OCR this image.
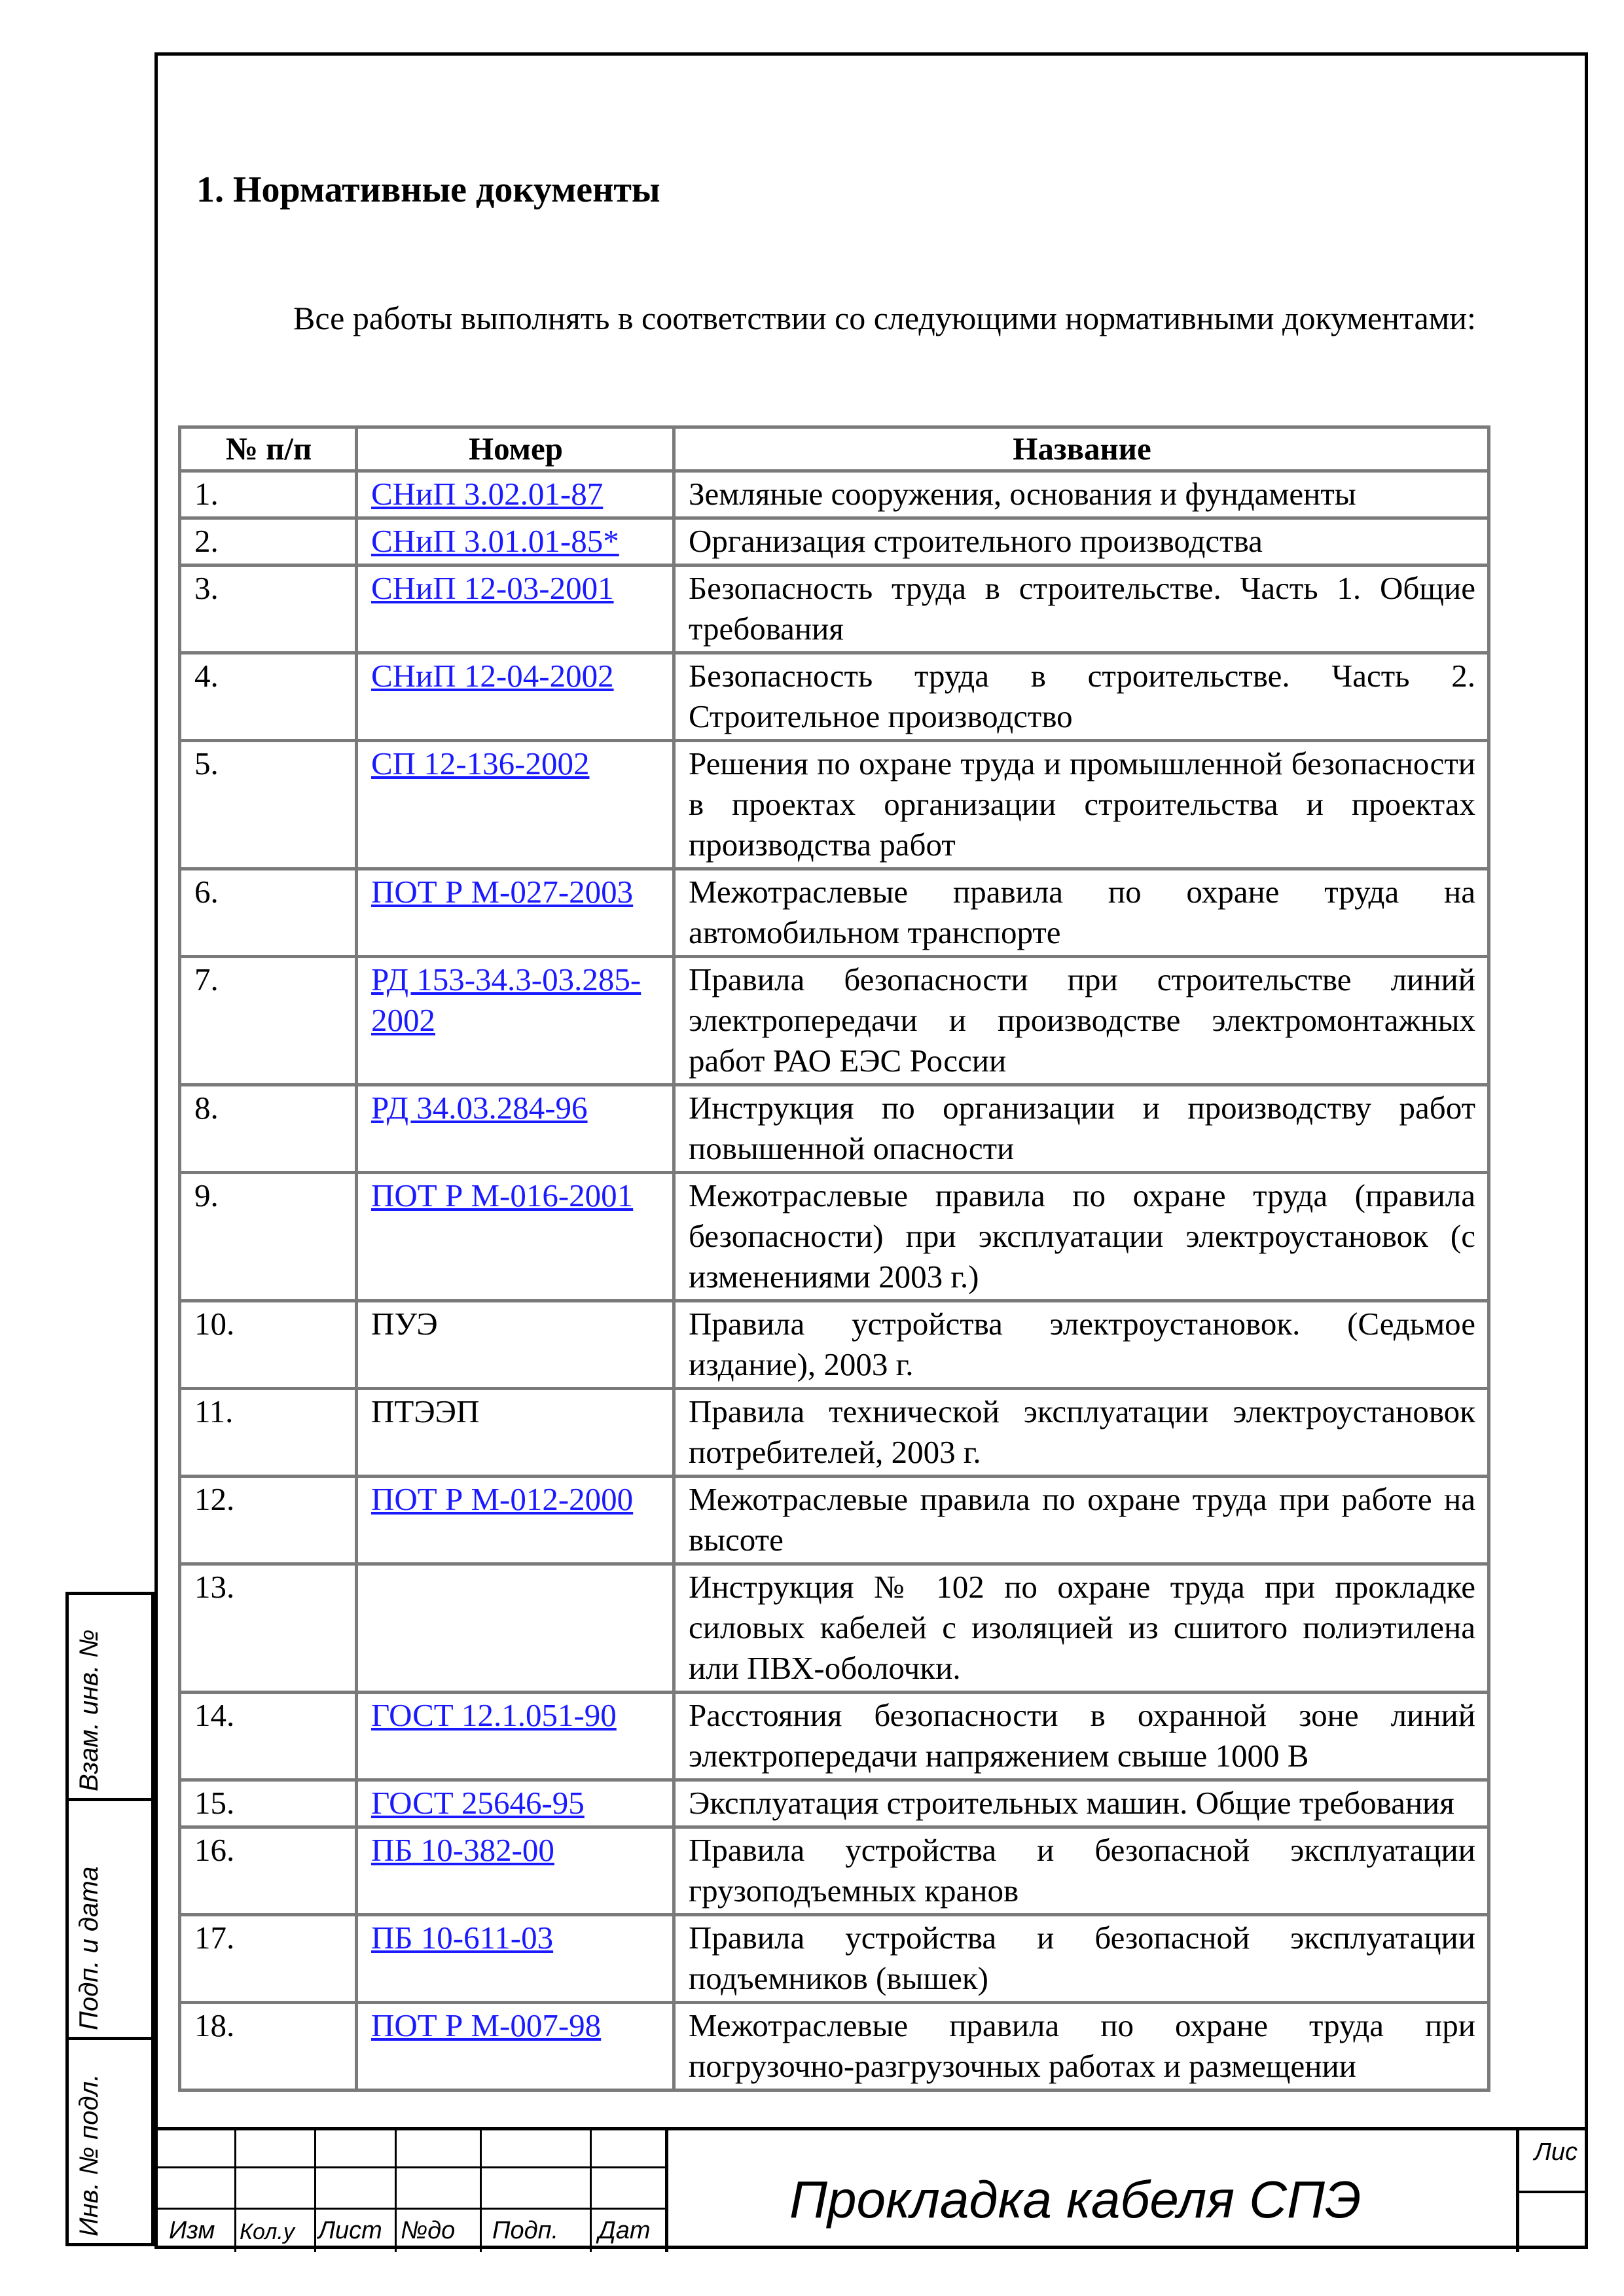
1. Нормативные документы

Все работы выполнять в соответствии со следующими нормативными документами:

№ п/п	Номер	Название
1.	СНиП 3.02.01-87	Земляные сооружения, основания и фундаменты
2.	СНиП 3.01.01-85*	Организация строительного производства
3.	СНиП 12-03-2001	Безопасность труда в строительстве. Часть 1. Общие требования
4.	СНиП 12-04-2002	Безопасность труда в строительстве. Часть 2. Строительное производство
5.	СП 12-136-2002	Решения по охране труда и промышленной безопасности в проектах организации строительства и проектах производства работ
6.	ПОТ Р М-027-2003	Межотраслевые правила по охране труда на автомобильном транспорте
7.	РД 153-34.3-03.285-2002	Правила безопасности при строительстве линий электропередачи и производстве электромонтажных работ РАО ЕЭС России
8.	РД 34.03.284-96	Инструкция по организации и производству работ повышенной опасности
9.	ПОТ Р М-016-2001	Межотраслевые правила по охране труда (правила безопасности) при эксплуатации электроустановок (с изменениями 2003 г.)
10.	ПУЭ	Правила устройства электроустановок. (Седьмое издание), 2003 г.
11.	ПТЭЭП	Правила технической эксплуатации электроустановок потребителей, 2003 г.
12.	ПОТ Р М-012-2000	Межотраслевые правила по охране труда при работе на высоте
13.		Инструкция № 102 по охране труда при прокладке силовых кабелей с изоляцией из сшитого полиэтилена или ПВХ-оболочки.
14.	ГОСТ 12.1.051-90	Расстояния безопасности в охранной зоне линий электропередачи напряжением свыше 1000 В
15.	ГОСТ 25646-95	Эксплуатация строительных машин. Общие требования
16.	ПБ 10-382-00	Правила устройства и безопасной эксплуатации грузоподъемных кранов
17.	ПБ 10-611-03	Правила устройства и безопасной эксплуатации подъемников (вышек)
18.	ПОТ Р М-007-98	Межотраслевые правила по охране труда при погрузочно-разгрузочных работах и размещении
Взам. инв. №
Подп. и дата
Инв. № подл.	Изм Кол.у Лист №до Подп. Дат
Прокладка кабеля СПЭ
Лис
